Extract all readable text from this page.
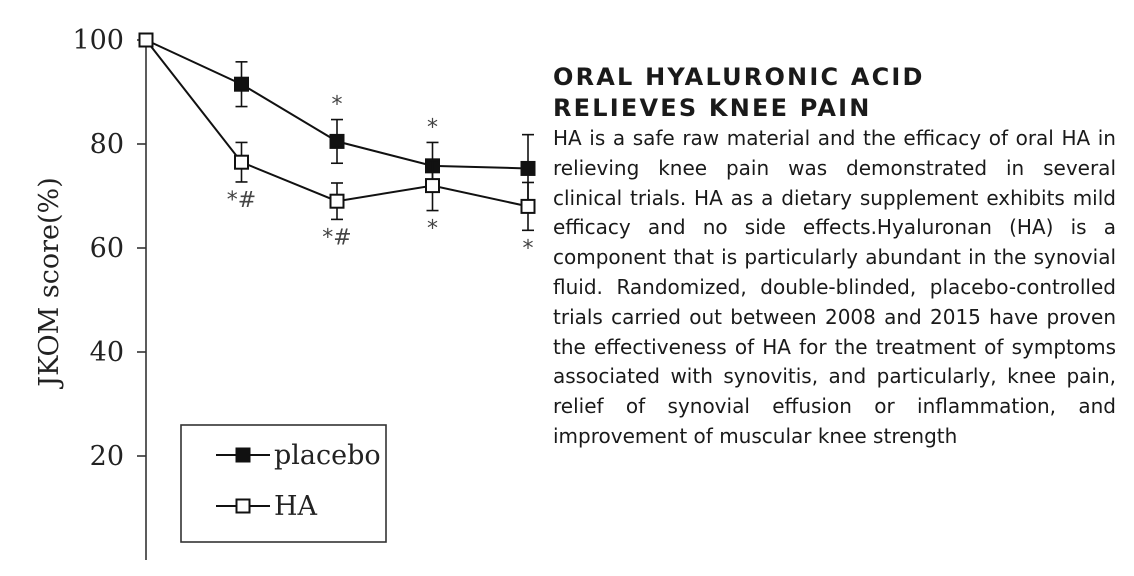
20
40
60
80
100
JKOM score(%)
*
*
*#
*#	*
*
placebo
HA
ORAL HYALURONIC ACID
RELIEVES KNEE PAIN

HA is a safe raw material and the efficacy of oral HA in relieving knee pain was demonstrated in several clinical trials. HA as a dietary supplement exhibits mild efficacy and no side effects.Hyaluronan (HA) is a component that is particularly abundant in the synovial fluid. Randomized, double-blinded, placebo-controlled trials carried out between 2008 and 2015 have proven the effectiveness of HA for the treatment of symptoms associated with synovitis, and particularly, knee pain, relief of synovial effusion or inflammation, and improvement of muscular knee strength
